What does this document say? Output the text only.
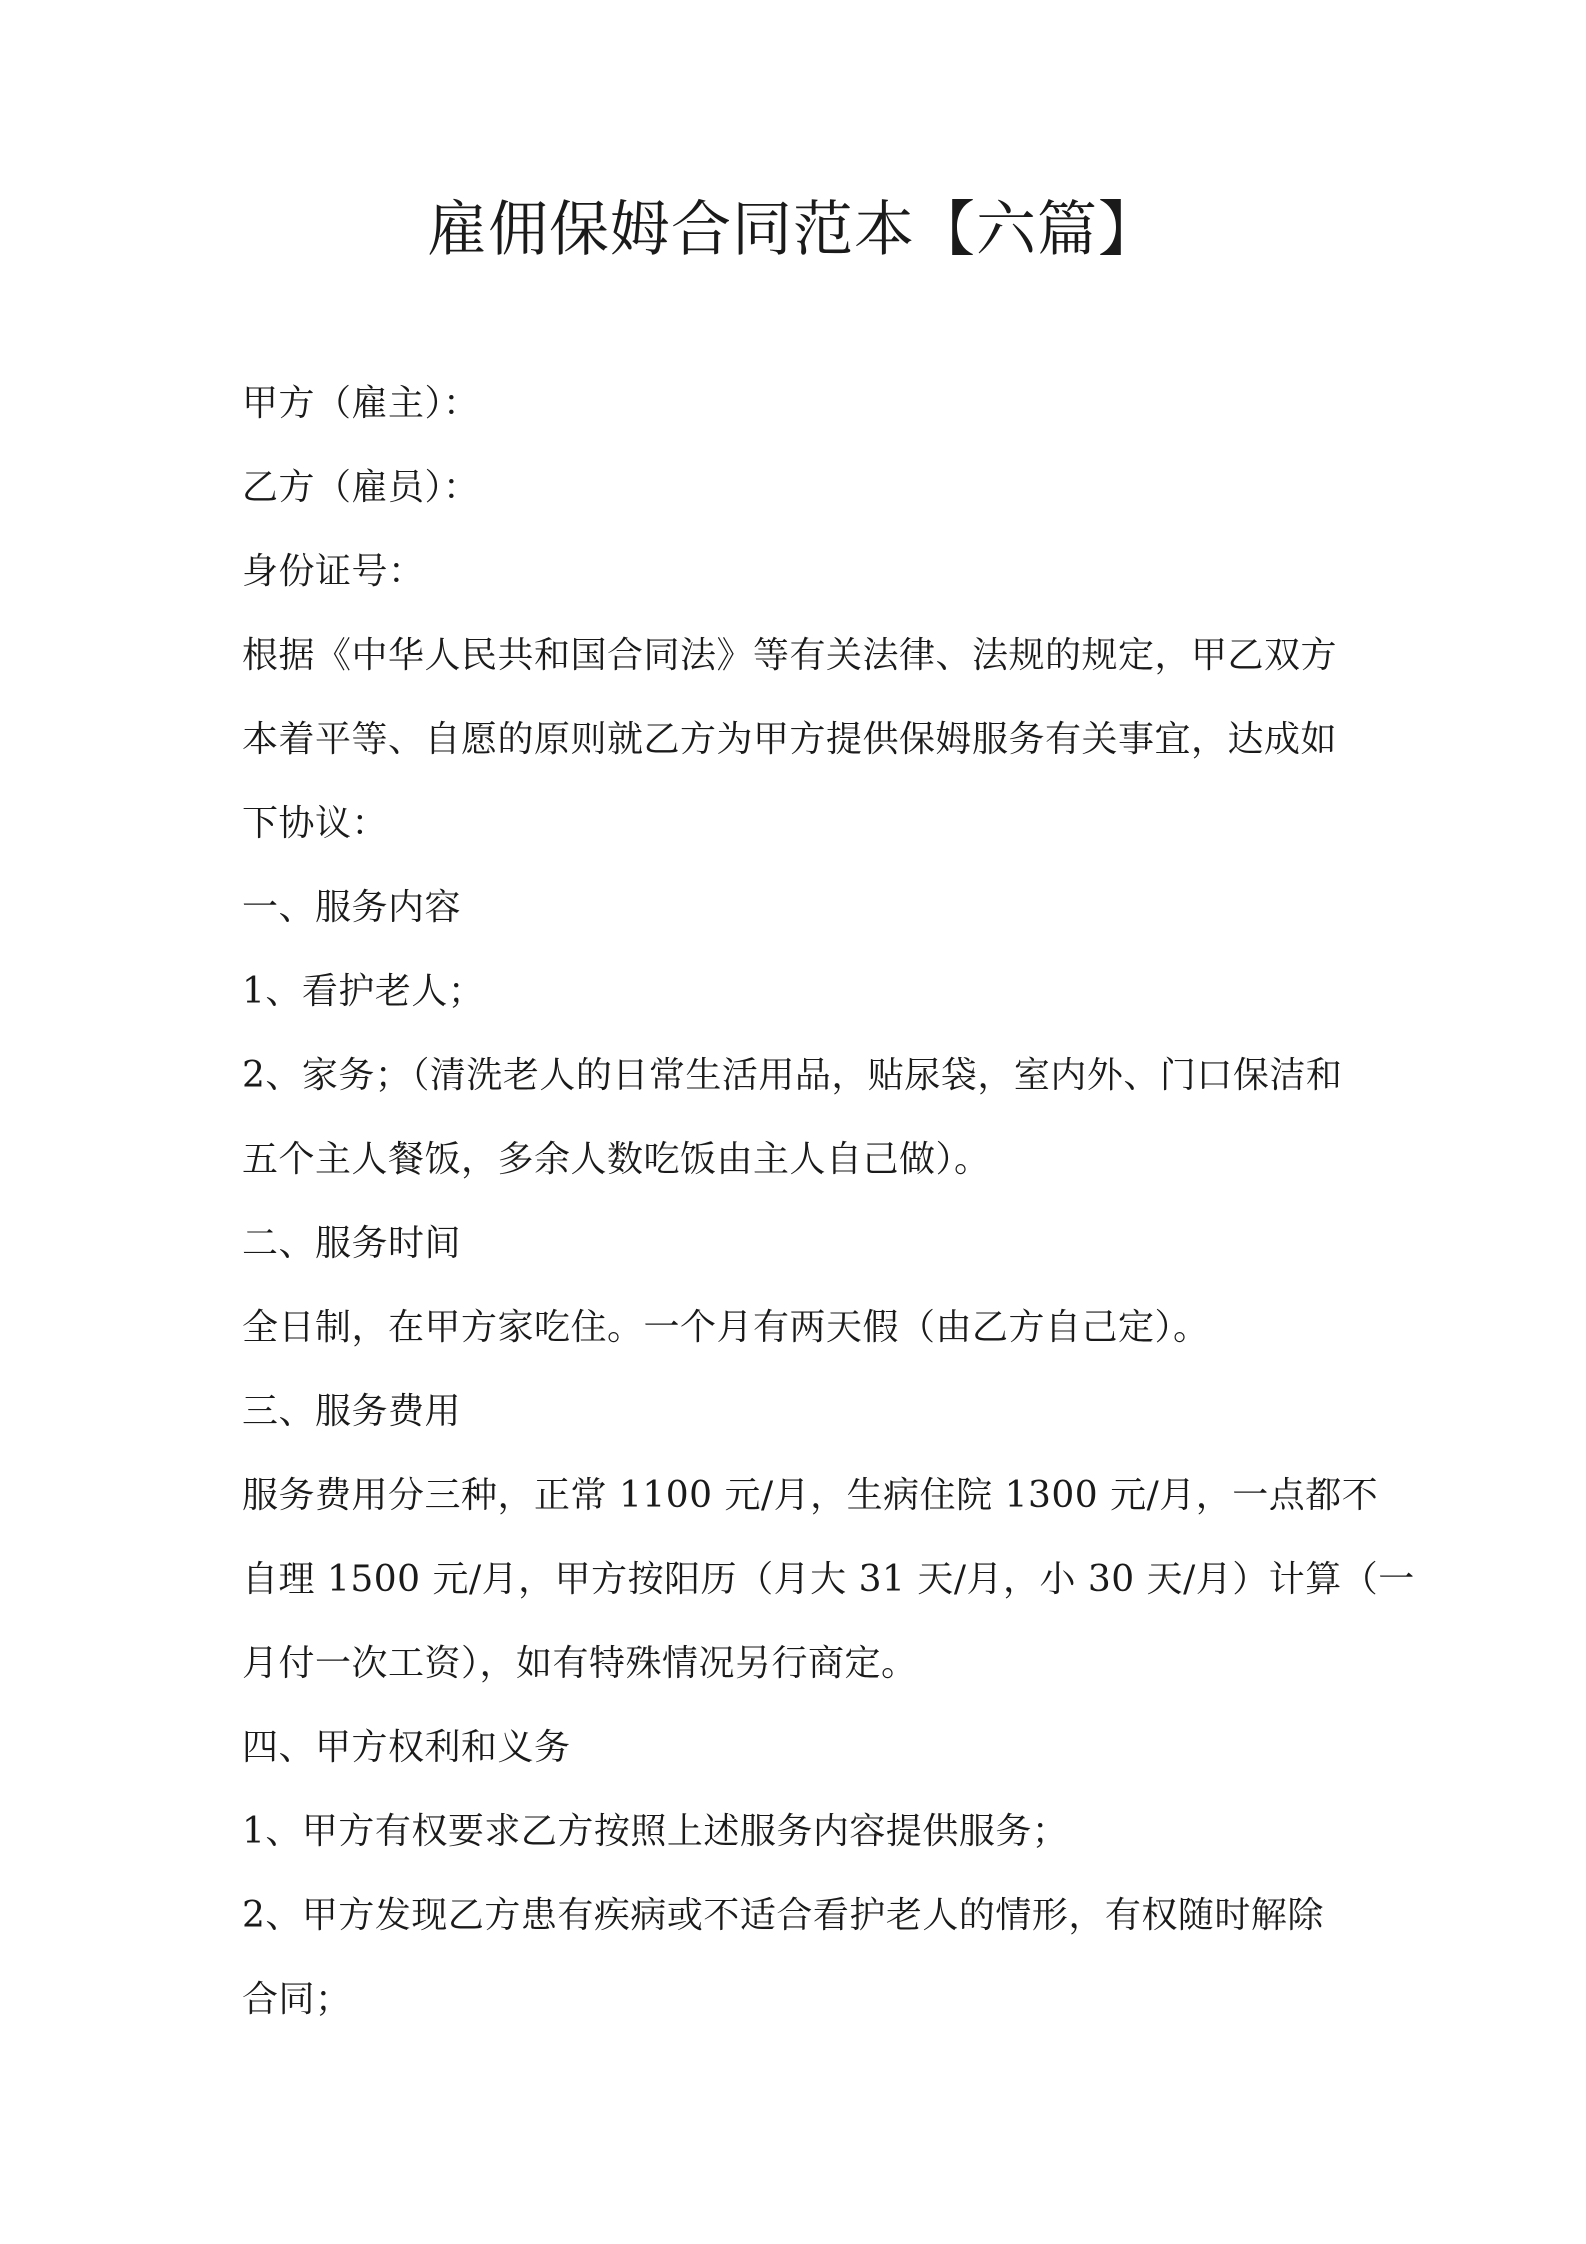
雇佣保姆合同范本【六篇】
甲方（雇主）：
乙方（雇员）：
身份证号：
根据《中华人民共和国合同法》等有关法律、法规的规定，甲乙双方
本着平等、自愿的原则就乙方为甲方提供保姆服务有关事宜，达成如
下协议：
一、服务内容
1、看护老人；
2、家务；（清洗老人的日常生活用品，贴尿袋，室内外、门口保洁和
五个主人餐饭，多余人数吃饭由主人自己做）。
二、服务时间
全日制，在甲方家吃住。一个月有两天假（由乙方自己定）。
三、服务费用
服务费用分三种，正常 1100 元/月，生病住院 1300 元/月，一点都不
自理 1500 元/月，甲方按阳历（月大 31 天/月，小 30 天/月）计算（一
月付一次工资），如有特殊情况另行商定。
四、甲方权利和义务
1、甲方有权要求乙方按照上述服务内容提供服务；
2、甲方发现乙方患有疾病或不适合看护老人的情形，有权随时解除
合同；
